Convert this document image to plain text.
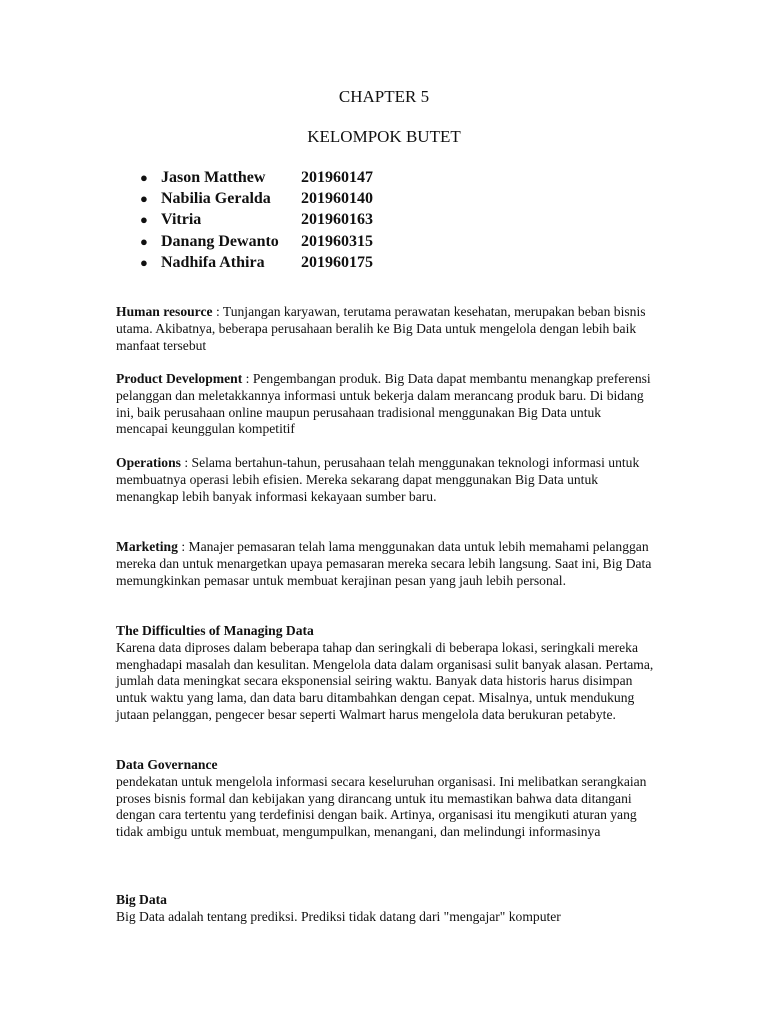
CHAPTER 5
KELOMPOK BUTET
● Jason Matthew 201960147
● Nabilia Geralda 201960140
● Vitria	201960163
● Danang Dewanto 201960315
● Nadhifa Athira 201960175

Human resource : Tunjangan karyawan, terutama perawatan kesehatan, merupakan beban bisnis utama. Akibatnya, beberapa perusahaan beralih ke Big Data untuk mengelola dengan lebih baik manfaat tersebut

Product Development : Pengembangan produk. Big Data dapat membantu menangkap preferensi pelanggan dan meletakkannya informasi untuk bekerja dalam merancang produk baru. Di bidang ini, baik perusahaan online maupun perusahaan tradisional menggunakan Big Data untuk mencapai keunggulan kompetitif

Operations : Selama bertahun-tahun, perusahaan telah menggunakan teknologi informasi untuk membuatnya operasi lebih efisien. Mereka sekarang dapat menggunakan Big Data untuk menangkap lebih banyak informasi kekayaan sumber baru.

Marketing : Manajer pemasaran telah lama menggunakan data untuk lebih memahami pelanggan mereka dan untuk menargetkan upaya pemasaran mereka secara lebih langsung. Saat ini, Big Data memungkinkan pemasar untuk membuat kerajinan pesan yang jauh lebih personal.

The Difficulties of Managing Data

Karena data diproses dalam beberapa tahap dan seringkali di beberapa lokasi, seringkali mereka menghadapi masalah dan kesulitan. Mengelola data dalam organisasi sulit banyak alasan. Pertama, jumlah data meningkat secara eksponensial seiring waktu. Banyak data historis harus disimpan untuk waktu yang lama, dan data baru ditambahkan dengan cepat. Misalnya, untuk mendukung jutaan pelanggan, pengecer besar seperti Walmart harus mengelola data berukuran petabyte.

Data Governance

pendekatan untuk mengelola informasi secara keseluruhan organisasi. Ini melibatkan serangkaian proses bisnis formal dan kebijakan yang dirancang untuk itu memastikan bahwa data ditangani dengan cara tertentu yang terdefinisi dengan baik. Artinya, organisasi itu mengikuti aturan yang tidak ambigu untuk membuat, mengumpulkan, menangani, dan melindungi informasinya

Big Data

Big Data adalah tentang prediksi. Prediksi tidak datang dari "mengajar" komputer
